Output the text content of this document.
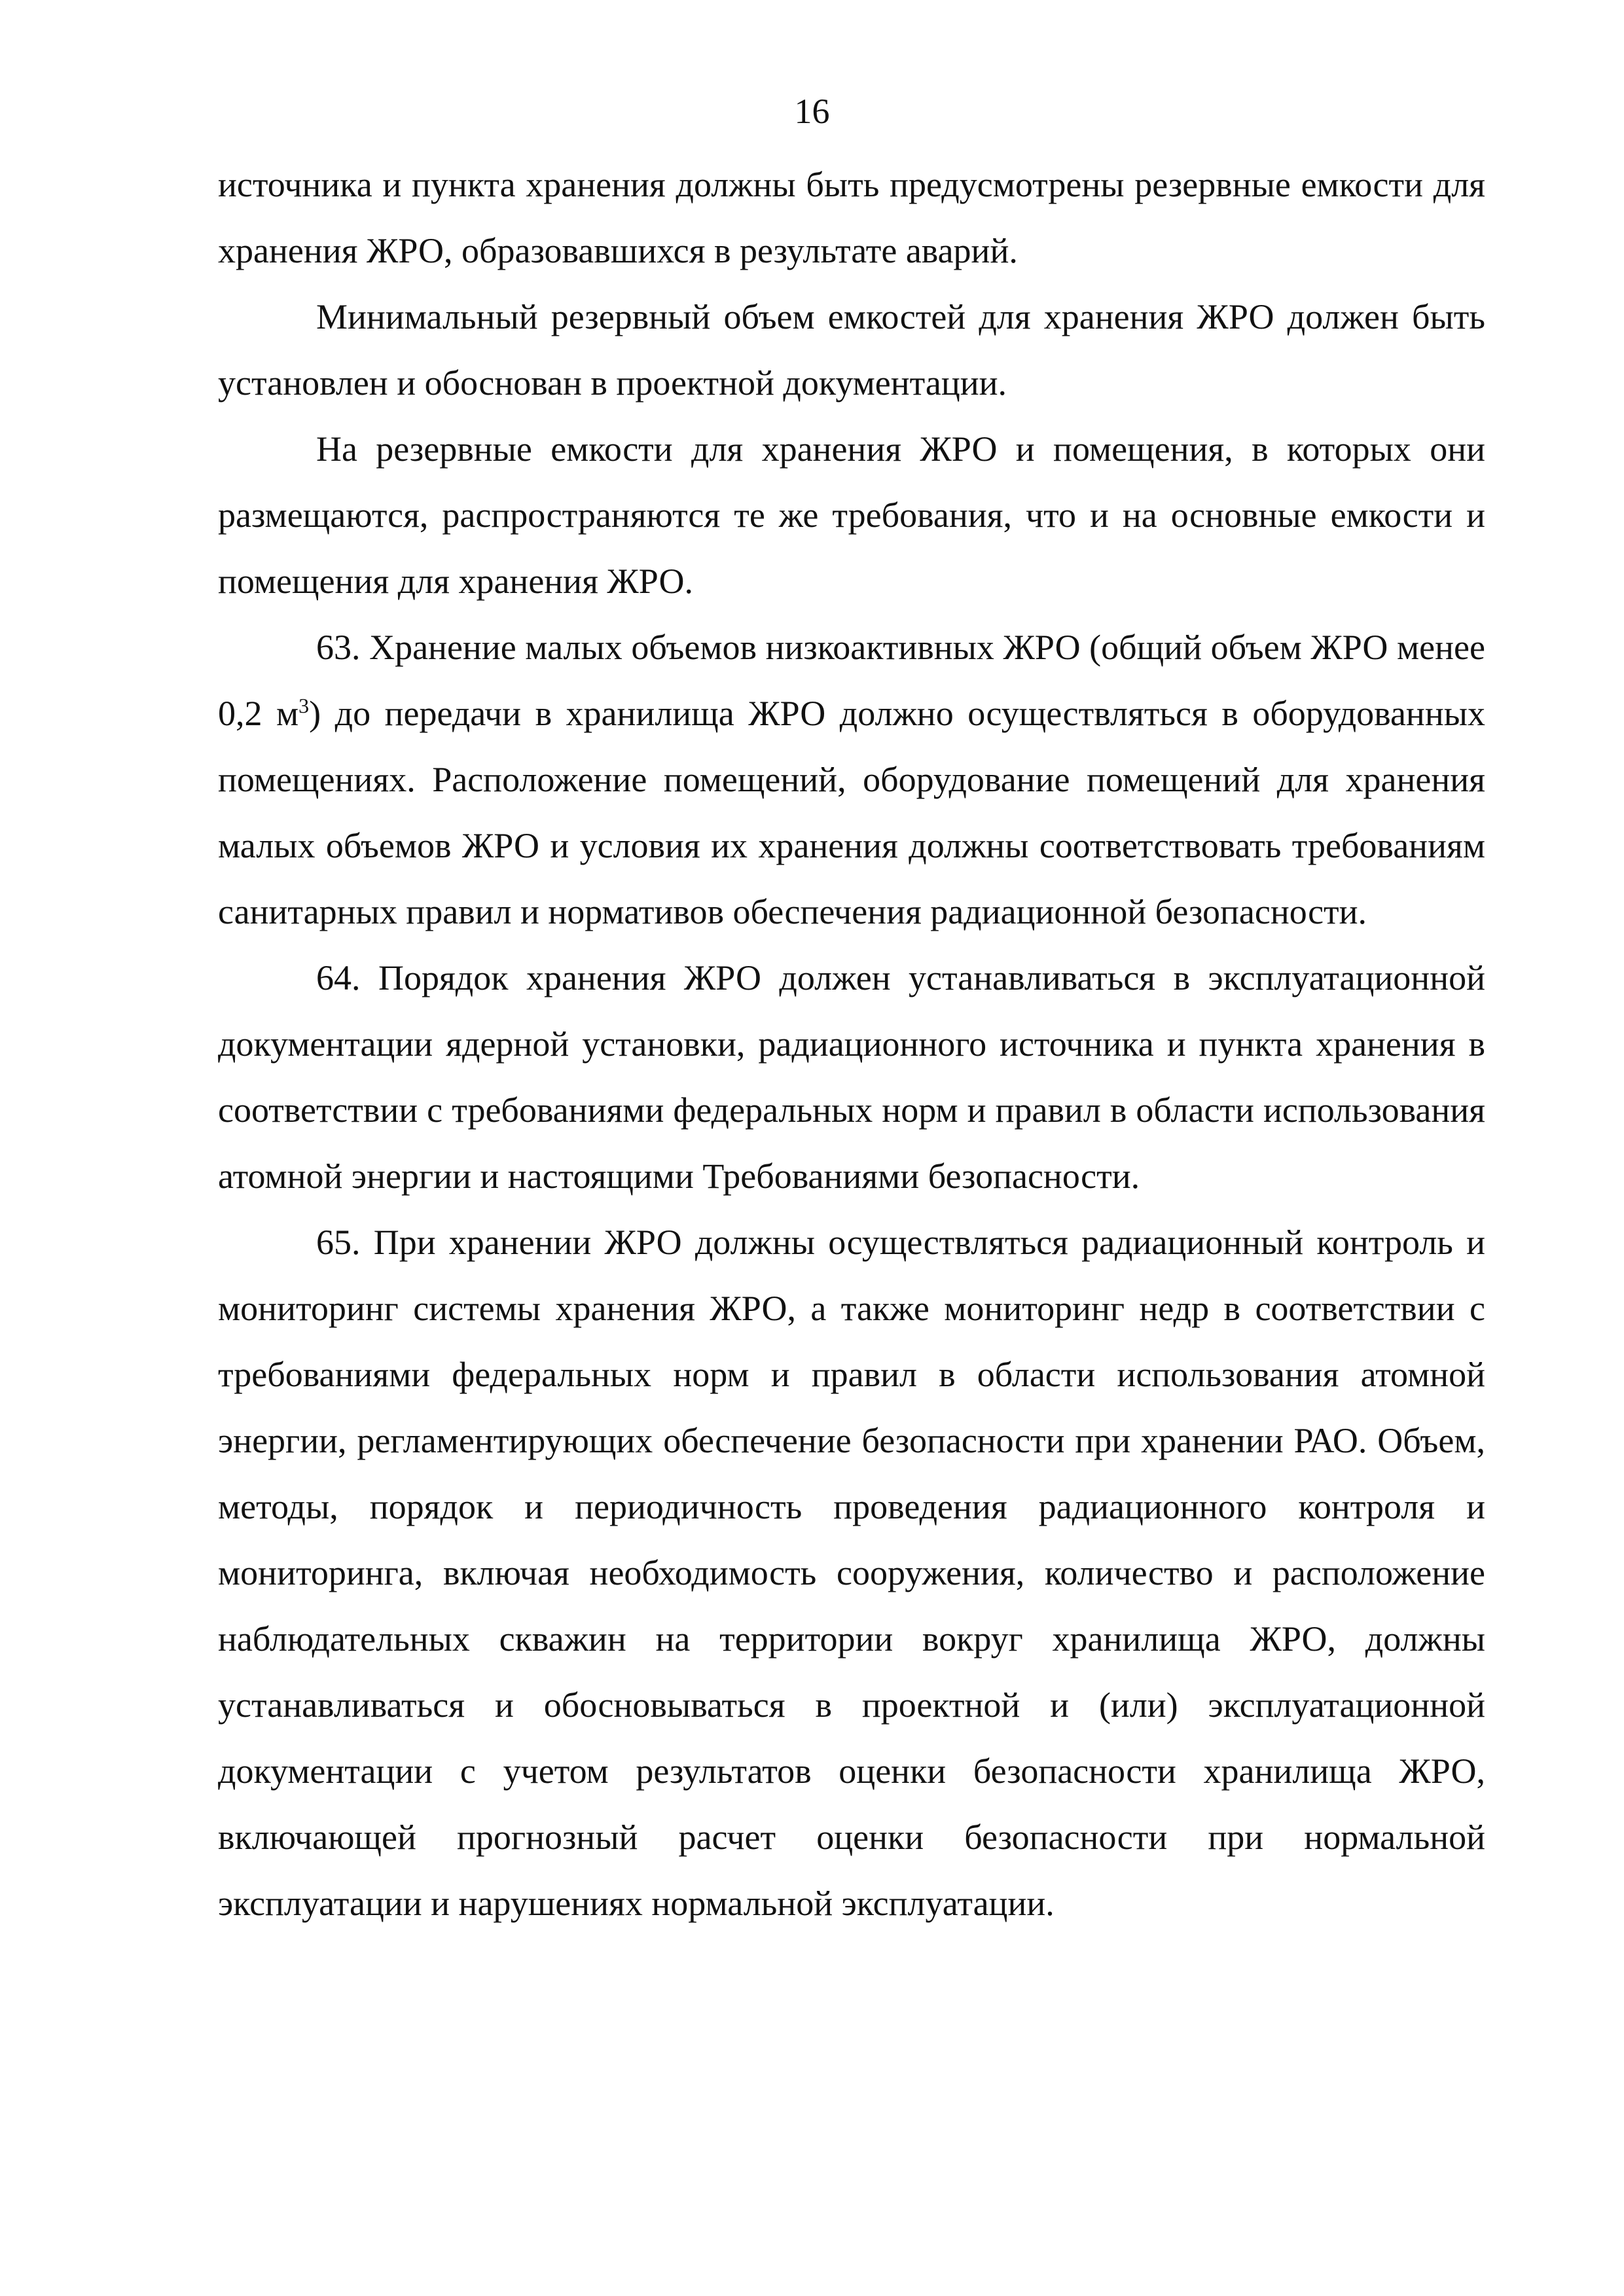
16

источника и пункта хранения должны быть предусмотрены резервные емкости для хранения ЖРО, образовавшихся в результате аварий.

Минимальный резервный объем емкостей для хранения ЖРО должен быть установлен и обоснован в проектной документации.

На резервные емкости для хранения ЖРО и помещения, в которых они размещаются, распространяются те же требования, что и на основные емкости и помещения для хранения ЖРО.

63. Хранение малых объемов низкоактивных ЖРО (общий объем ЖРО менее 0,2 $м^3$) до передачи в хранилища ЖРО должно осуществляться в оборудованных помещениях. Расположение помещений, оборудование помещений для хранения малых объемов ЖРО и условия их хранения должны соответствовать требованиям санитарных правил и нормативов обеспечения радиационной безопасности.

64. Порядок хранения ЖРО должен устанавливаться в эксплуатационной документации ядерной установки, радиационного источника и пункта хранения в соответствии с требованиями федеральных норм и правил в области использования атомной энергии и настоящими Требованиями безопасности.

65. При хранении ЖРО должны осуществляться радиационный контроль и мониторинг системы хранения ЖРО, а также мониторинг недр в соответствии с требованиями федеральных норм и правил в области использования атомной энергии, регламентирующих обеспечение безопасности при хранении РАО. Объем, методы, порядок и периодичность проведения радиационного контроля и мониторинга, включая необходимость сооружения, количество и расположение наблюдательных скважин на территории вокруг хранилища ЖРО, должны устанавливаться и обосновываться в проектной и (или) эксплуатационной документации с учетом результатов оценки безопасности хранилища ЖРО, включающей прогнозный расчет оценки безопасности при нормальной эксплуатации и нарушениях нормальной эксплуатации.
